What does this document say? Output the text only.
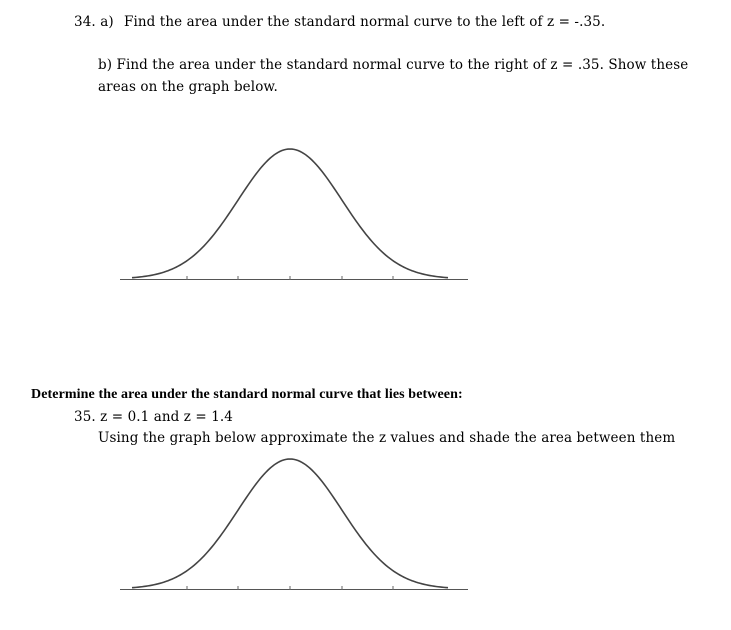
34. a) Find the area under the standard normal curve to the left of z = -.35.
b) Find the area under the standard normal curve to the right of z = .35. Show these
areas on the graph below.
Determine the area under the standard normal curve that lies between:
35. z = 0.1 and z = 1.4
Using the graph below approximate the z values and shade the area between them
